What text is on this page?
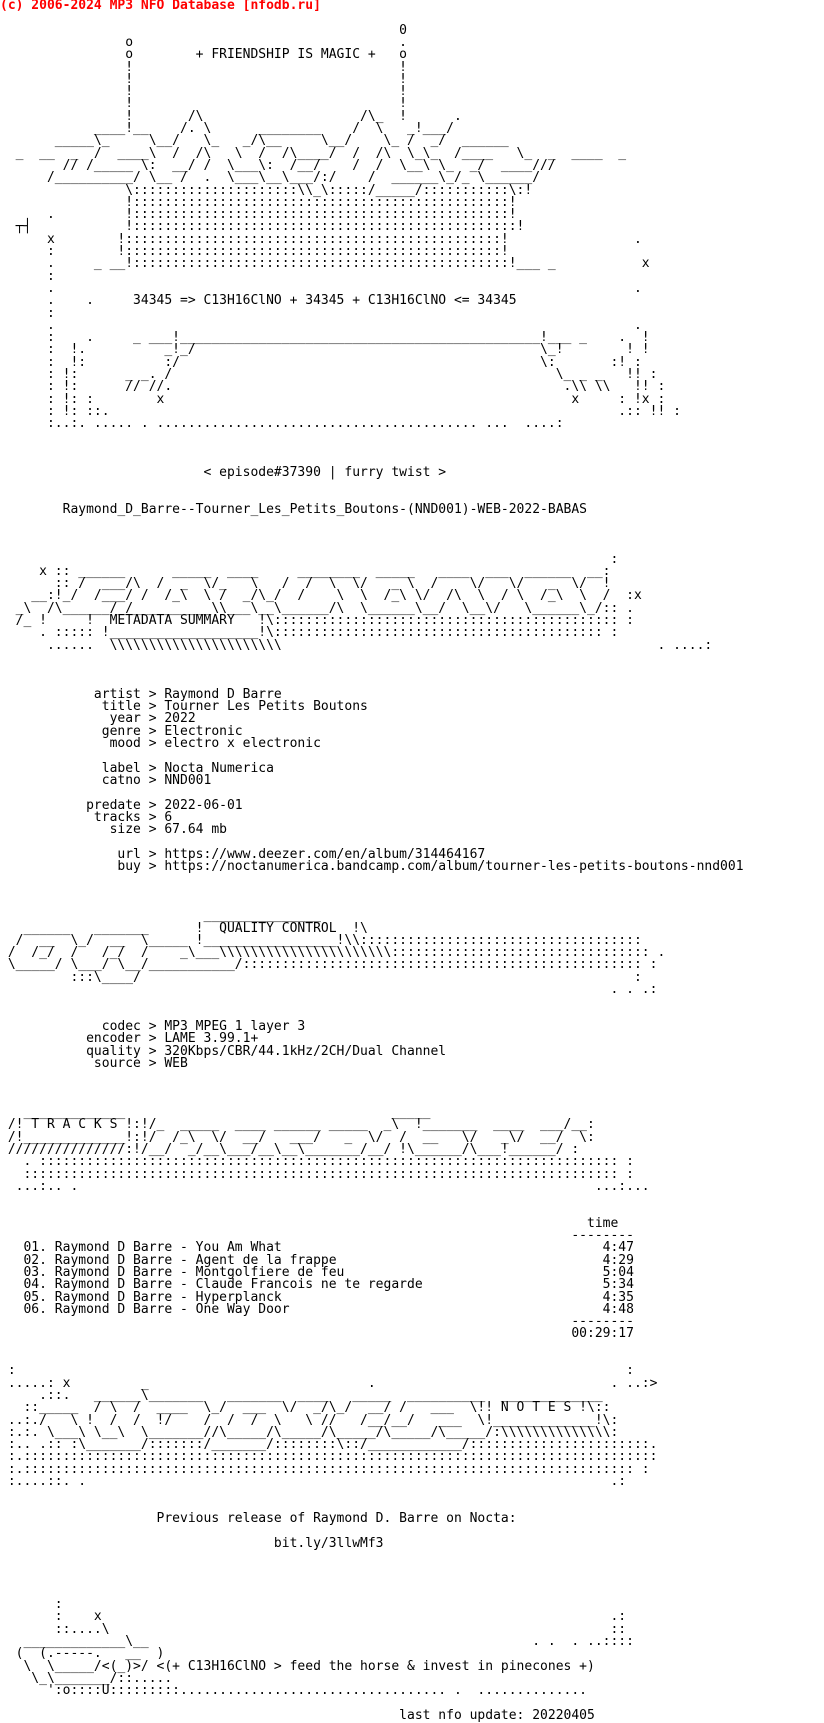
(c) 2006-2024 MP3 NFO Database [nfodb.ru]
0
o                                  .
o        + FRIENDSHIP IS MAGIC +   o
!                                  !
!                                  !
!                                  !
!                                  !
!       /\                    /\_  !      .
____!__    /. \      ________    /  \   _!___/
_____\_     \__/   \_   _/\__     \__/    \_ /  _/  ______
_  __  _  /  ____\  /  /\   \  /  /\____/  /  /\  \_\_  /____   \_  _  ____  _
// /_____ \:  __/ /  \___\:  /__/    /  /  \__\ \_  _/  ____///
/__________/ \__ /  .  \___\__\___/:/    /  ______\_/_ \______/
\:::::::::::::::::::::\\_\:::::/_____/:::::::::::\:!
!::::::::::::::::::::::::::::::::::::::::::::::::!
.         !::::::::::::::::::::::::::::::::::::::::::::::::!
┬┤            !:::::::::::::::::::::::::::::::::::::::::::::::::!
x        !::::::::::::::::::::::::::::::::::::::::::::::::!                .
:        !::::::::::::::::::::::::::::::::::::::::::::::::!
.     _ __!::::::::::::::::::::::::::::::::::::::::::::::::!___ _           x
:
.                                                                          .
.    .     34345 => C13H16ClNO + 34345 + C13H16ClNO <= 34345
:
.                                                                          .
:    .     _ ___!______________________________________________!___ _    .  !
:  !.          _!_/                                            \_!        ! !
:  !:          :/                                              \:       :! :
: !:      _ _. /                                                 \_ _ _   !! :
: !:      // //.                                                  .\\ \\   !! :
: !: :        x                                                    x     : !x :
: !: ::.                                                                 .:: !! :
:..:. ..... . ......................................... ...  ....:
< episode#37390 | furry twist >
Raymond_D_Barre--Tourner_Les_Petits_Boutons-(NND001)-WEB-2022-BABAS
:
x :: ______      _____  ____     ________  _____   ____  ___  ______  __:
:: /  ___/\  /  _  \/_   \   /  /  \  \/   _ \  /    \/   \/   _  \/  !
__:!_/  /___/ /  /_\  \ /  _/\_/  /    \  \  /_\ \/  /\  \  / \  /_\  \  /  :x
_\  /\______/_/__________\\___\__\______/\  \______\__/  \__\/   \______\_/:: .
/_ !     !  METADATA SUMMARY   !\:::::::::::::::::::::::::::::::::::::::::::: :
. ::::: !___________________!\:::::::::::::::::::::::::::::::::::::::::: :
......  \\\\\\\\\\\\\\\\\\\\\\                                                . ....:
artist > Raymond D Barre
title > Tourner Les Petits Boutons
year > 2022
genre > Electronic
mood > electro x electronic
label > Nocta Numerica
catno > NND001
predate > 2022-06-01
tracks > 6
size > 67.64 mb
url > https://www.deezer.com/en/album/314464167
buy > https://noctanumerica.bandcamp.com/album/tourner-les-petits-boutons-nnd001
_______________
______   _______      !  QUALITY CONTROL  !\
/  __  \_/  __  \_____ !_________________!\\::::::::::::::::::::::::::::::::::::
/  /_/  /   /_/  /    _\___\\\\\\\\\\\\\\\\\\\\\\::::::::::::::::::::::::::::::::: .
\_____/ \___/ \__/___________/::::::::::::::::::::::::::::::::::::::::::::::::::: :
:::\____/                                                               :
. . .:
codec > MP3 MPEG 1 layer 3
encoder > LAME 3.99.1+
quality > 320Kbps/CBR/44.1kHz/2CH/Dual Channel
source > WEB
_____________                                  _____
/! T R A C K S !:!/_  _____  ____ ______ _____  _\  !_______  ____  ___/__:
/!_____________!:!/  /_\  \/  __/   ___/   _  \/  /  __   \/   _\/  __/  \:
///////////////:!/__/  _/__\___/__\__\_______/__/ !\______/\___!______/ :
. :::::::::::::::::::::::::::::::::::::::::::::::::::::::::::::::::::::::::: :
:::::::::::::::::::::::::::::::::::::::::::::::::::::::::::::::::::::::::::: :
...:.. .                                                                  ...:...
time
--------
01. Raymond D Barre - You Am What                                         4:47
02. Raymond D Barre - Agent de la frappe                                  4:29
03. Raymond D Barre - Montgolfiere de feu                                 5:04
04. Raymond D Barre - Claude Francois ne te regarde                       5:34
05. Raymond D Barre - Hyperplanck                                         4:35
06. Raymond D Barre - One Way Door                                        4:48
--------
00:29:17
:                                                                              :
.....: x         _                            .                              . ..:>
.::.   ______\_______   _______  ____   _____  __________  _____________
::_____  / \  /  ____  \_/  ___  \/  _/\_/  __/ /   ___  \!! N O T E S !\::
..:./   \ !  /  /  !/    /  /  /  \   \ //   /__/__/   ___  \!_____________!\:
:.:. \___\ \__\  \_______//\_____/\_____/\_____/\_____/\_____/:\\\\\\\\\\\\\\:
:.. .:: :\_______/:::::::/_______/::::::::\::/____________/:::::::::::::::::::::::.
:.:::::::::::::::::::::::::::::::::::::::::::::::::::::::::::::::::::::::::::::::::
:.:::::::::::::::::::::::::::::::::::::::::::::::::::::::::::::::::::::::::::::: :
:....::. .                                                                   .:
Previous release of Raymond D. Barre on Nocta:
bit.ly/3llwMf3
:
:    x                                                                 .:
::....\                                                                ::
_____________\__                                                 . .  . ..::::
(  (.-----.   __  )
\  \_____/<(_)>/ <(+ C13H16ClNO > feed the horse & invest in pinecones +)
\_\_______/::.....
':o::::U:::::::::.................................. .  ..............
last nfo update: 20220405
